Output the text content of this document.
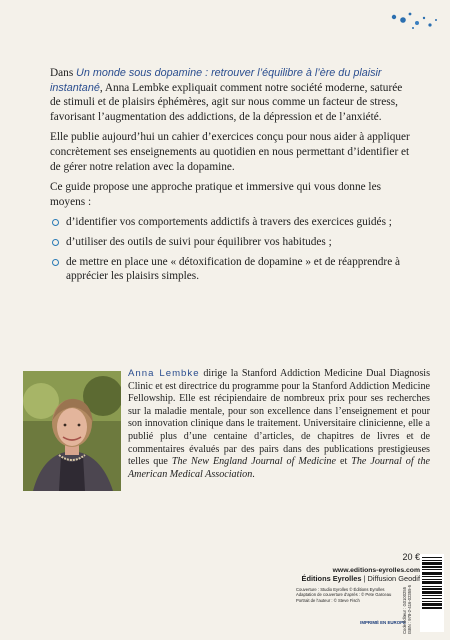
Dans Un monde sous dopamine : retrouver l’équilibre à l’ère du plaisir instantané, Anna Lembke expliquait comment notre société moderne, saturée de stimuli et de plaisirs éphémères, agit sur nous comme un facteur de stress, favorisant l’augmentation des addictions, de la dépression et de l’anxiété.

Elle publie aujourd’hui un cahier d’exercices conçu pour nous aider à appliquer concrètement ses enseignements au quotidien en nous permettant d’identifier et de gérer notre relation avec la dopamine.

Ce guide propose une approche pratique et immersive qui vous donne les moyens :

d’identifier vos comportements addictifs à travers des exercices guidés ;
d’utiliser des outils de suivi pour équilibrer vos habitudes ;
de mettre en place une « détoxification de dopamine » et de réapprendre à apprécier les plaisirs simples.
Anna Lembke dirige la Stanford Addiction Medicine Dual Diagnosis Clinic et est directrice du programme pour la Stanford Addiction Medicine Fellowship. Elle est récipiendaire de nombreux prix pour ses recherches sur la maladie mentale, pour son excellence dans l’enseignement et pour son innovation clinique dans le traitement. Universitaire clinicienne, elle a publié plus d’une centaine d’articles, de chapitres de livres et de commentaires évalués par des pairs dans des publications prestigieuses telles que The New England Journal of Medicine et The Journal of the American Medical Association.
20 €
www.editions-eyrolles.com
Éditions Eyrolles | Diffusion Geodif
Couverture : Studio Eyrolles © Éditions Eyrolles
Adaptation de couverture d’après : © Pete Garceau
Portrait de l’auteur : © Steve Fisch
IMPRIMÉ EN EUROPE
Code éditeur : G0100255 ISBN : 978-2-416-02355-5
